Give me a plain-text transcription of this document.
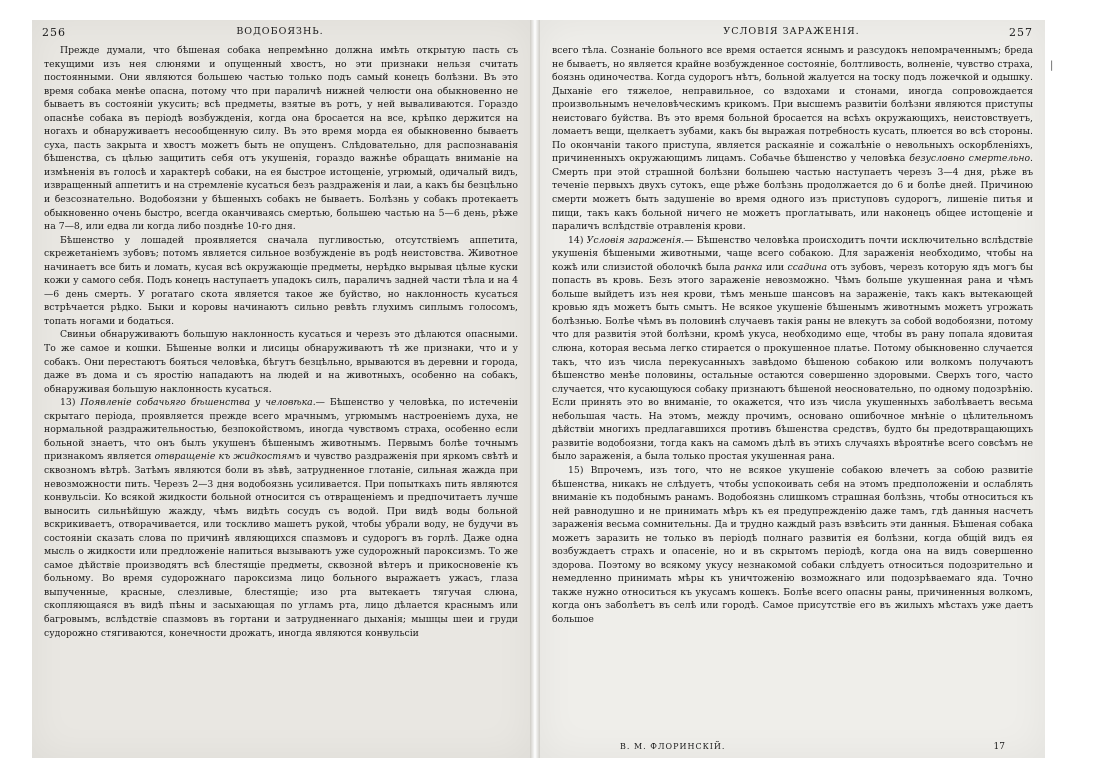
256	ВОДОБОЯЗНЬ.

Прежде думали, что бѣшеная собака непремѣнно должна имѣть открытую пасть съ текущими изъ нея слюнями и опущенный хвостъ, но эти признаки нельзя считать постоянными. Они являются большею частью только подъ самый конецъ болѣзни. Въ это время собака менѣе опасна, потому что при параличѣ нижней челюсти она обыкновенно не бываетъ въ состояніи укусить; всѣ предметы, взятые въ ротъ, у ней вываливаются. Гораздо опаснѣе собака въ періодѣ возбужденія, когда она бросается на все, крѣпко держится на ногахъ и обнаруживаетъ несообщенную силу. Въ это время морда ея обыкновенно бываетъ суха, пасть закрыта и хвостъ можетъ быть не опущенъ. Слѣдовательно, для распознаванія бѣшенства, съ цѣлью защитить себя отъ укушенія, гораздо важнѣе обращать вниманіе на измѣненія въ голосѣ и характерѣ собаки, на ея быстрое истощеніе, угрюмый, одичалый видъ, извращенный аппетитъ и на стремленіе кусаться безъ раздраженія и лаи, а какъ бы безцѣльно и безсознательно. Водобоязни у бѣшеныхъ собакъ не бываетъ. Болѣзнь у собакъ протекаетъ обыкновенно очень быстро, всегда оканчиваясь смертью, большею частью на 5—6 день, рѣже на 7—8, или едва ли когда либо позднѣе 10-го дня.

Бѣшенство у лошадей проявляется сначала пугливостью, отсутствіемъ аппетита, скрежетаніемъ зубовъ; потомъ является сильное возбужденіе въ родѣ неистовства. Животное начинаетъ все бить и ломать, кусая всѣ окружающіе предметы, нерѣдко вырывая цѣлые куски кожи у самого себя. Подъ конецъ наступаетъ упадокъ силъ, параличъ задней части тѣла и на 4—6 день смерть. У рогатаго скота является такое же буйство, но наклонность кусаться встрѣчается рѣдко. Быки и коровы начинаютъ сильно ревѣть глухимъ сиплымъ голосомъ, топать ногами и бодаться.

Свиньи обнаруживаютъ большую наклонность кусаться и черезъ это дѣлаются опасными. То же самое и кошки. Бѣшеные волки и лисицы обнаруживаютъ тѣ же признаки, что и у собакъ. Они перестаютъ бояться человѣка, бѣгутъ безцѣльно, врываются въ деревни и города, даже въ дома и съ яростію нападаютъ на людей и на животныхъ, особенно на собакъ, обнаруживая большую наклонность кусаться.

13) Появленіе собачьяго бѣшенства у человѣка.— Бѣшенство у человѣка, по истеченіи скрытаго періода, проявляется прежде всего мрачнымъ, угрюмымъ настроеніемъ духа, не нормальной раздражительностью, безпокойствомъ, иногда чувствомъ страха, особенно если больной знаетъ, что онъ былъ укушенъ бѣшенымъ животнымъ. Первымъ болѣе точнымъ признакомъ является отвращеніе къ жидкостямъ и чувство раздраженія при яркомъ свѣтѣ и сквозномъ вѣтрѣ. Затѣмъ являются боли въ зѣвѣ, затрудненное глотаніе, сильная жажда при невозможности пить. Черезъ 2—3 дня водобоязнь усиливается. При попыткахъ пить являются конвульсіи. Ко всякой жидкости больной относится съ отвращеніемъ и предпочитаетъ лучше выносить сильнѣйшую жажду, чѣмъ видѣть сосудъ съ водой. При видѣ воды больной вскрикиваетъ, отворачивается, или тоскливо машетъ рукой, чтобы убрали воду, не будучи въ состояніи сказать слова по причинѣ являющихся спазмовъ и судорогъ въ горлѣ. Даже одна мысль о жидкости или предложеніе напиться вызываютъ уже судорожный пароксизмъ. То же самое дѣйствіе производятъ всѣ блестящіе предметы, сквозной вѣтеръ и прикосновеніе къ больному. Во время судорожнаго пароксизма лицо больного выражаетъ ужасъ, глаза выпученные, красные, слезливые, блестящіе; изо рта вытекаетъ тягучая слюна, скопляющаяся въ видѣ пѣны и засыхающая по угламъ рта, лицо дѣлается краснымъ или багровымъ, вслѣдствіе спазмовъ въ гортани и затрудненнаго дыханія; мышцы шеи и груди судорожно стягиваются, конечности дрожатъ, иногда являются конвульсіи

УСЛОВІЯ ЗАРАЖЕНІЯ.	257

всего тѣла. Сознаніе больного все время остается яснымъ и разсудокъ непомраченнымъ; бреда не бываетъ, но является крайне возбужденное состояніе, болтливость, волненіе, чувство страха, боязнь одиночества. Когда судорогъ нѣтъ, больной жалуется на тоску подъ ложечкой и одышку. Дыханіе его тяжелое, неправильное, со вздохами и стонами, иногда сопровождается произвольнымъ нечеловѣческимъ крикомъ. При высшемъ развитіи болѣзни являются приступы неистоваго буйства. Въ это время больной бросается на всѣхъ окружающихъ, неистовствуетъ, ломаетъ вещи, щелкаетъ зубами, какъ бы выражая потребность кусать, плюется во всѣ стороны. По окончаніи такого приступа, является раскаяніе и сожалѣніе о невольныхъ оскорбленіяхъ, причиненныхъ окружающимъ лицамъ. Собачье бѣшенство у человѣка безусловно смертельно. Смерть при этой страшной болѣзни большею частью наступаетъ черезъ 3—4 дня, рѣже въ теченіе первыхъ двухъ сутокъ, еще рѣже болѣзнь продолжается до 6 и болѣе дней. Причиною смерти можетъ быть задушеніе во время одного изъ приступовъ судорогъ, лишеніе питья и пищи, такъ какъ больной ничего не можетъ проглатывать, или наконецъ общее истощеніе и параличъ вслѣдствіе отравленія крови.

14) Условія зараженія.— Бѣшенство человѣка происходитъ почти исключительно вслѣдствіе укушенія бѣшеными животными, чаще всего собакою. Для зараженія необходимо, чтобы на кожѣ или слизистой оболочкѣ была ранка или ссадина отъ зубовъ, черезъ которую ядъ могъ бы попасть въ кровь. Безъ этого зараженіе невозможно. Чѣмъ больше укушенная рана и чѣмъ больше выйдетъ изъ нея крови, тѣмъ меньше шансовъ на зараженіе, такъ какъ вытекающей кровью ядъ можетъ быть смытъ. Не всякое укушеніе бѣшенымъ животнымъ можетъ угрожать болѣзнью. Болѣе чѣмъ въ половинѣ случаевъ такія раны не влекутъ за собой водобоязни, потому что для развитія этой болѣзни, кромѣ укуса, необходимо еще, чтобы въ рану попала ядовитая слюна, которая весьма легко стирается о прокушенное платье. Потому обыкновенно случается такъ, что изъ числа перекусанныхъ завѣдомо бѣшеною собакою или волкомъ получаютъ бѣшенство менѣе половины, остальные остаются совершенно здоровыми. Сверхъ того, часто случается, что кусающуюся собаку признаютъ бѣшеной неосновательно, по одному подозрѣнію. Если принять это во вниманіе, то окажется, что изъ числа укушенныхъ заболѣваетъ весьма небольшая часть. На этомъ, между прочимъ, основано ошибочное мнѣніе о цѣлительномъ дѣйствіи многихъ предлагавшихся противъ бѣшенства средствъ, будто бы предотвращающихъ развитіе водобоязни, тогда какъ на самомъ дѣлѣ въ этихъ случаяхъ вѣроятнѣе всего совсѣмъ не было зараженія, а была только простая укушенная рана.

15) Впрочемъ, изъ того, что не всякое укушеніе собакою влечетъ за собою развитіе бѣшенства, никакъ не слѣдуетъ, чтобы успокоивать себя на этомъ предположеніи и ослаблять вниманіе къ подобнымъ ранамъ. Водобоязнь слишкомъ страшная болѣзнь, чтобы относиться къ ней равнодушно и не принимать мѣръ къ ея предупрежденію даже тамъ, гдѣ данныя насчетъ зараженія весьма сомнительны. Да и трудно каждый разъ взвѣсить эти данныя. Бѣшеная собака можетъ заразить не только въ періодѣ полнаго развитія ея болѣзни, когда общій видъ ея возбуждаетъ страхъ и опасеніе, но и въ скрытомъ періодѣ, когда она на видъ совершенно здорова. Поэтому во всякому укусу незнакомой собаки слѣдуетъ относиться подозрительно и немедленно принимать мѣры къ уничтоженію возможнаго или подозрѣваемаго яда. Точно также нужно относиться къ укусамъ кошекъ. Болѣе всего опасны раны, причиненныя волкомъ, когда онъ заболѣетъ въ селѣ или городѣ. Самое присутствіе его въ жилыхъ мѣстахъ уже даетъ большое

В. М. ФЛОРИНСКІЙ.	17
|
